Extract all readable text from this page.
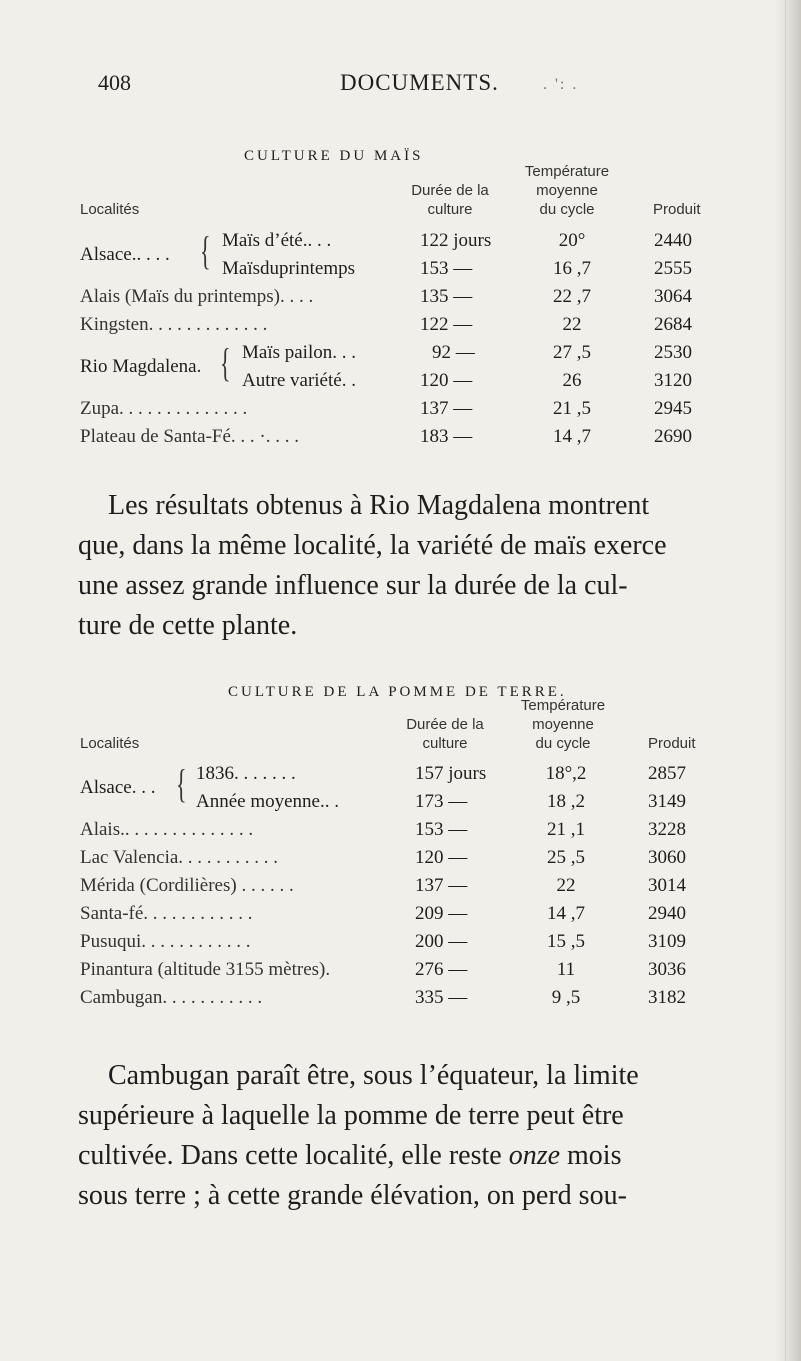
408	DOCUMENTS.	. ': .
CULTURE DU MAÏS
Localités
Durée de la
culture
Température
moyenne
du cycle	Produit
Alsace.. . . . { Maïs d’été.. . .	122 jours	20°	2440
Maïsduprintemps	153 —	16 ,7	2555
Alais (Maïs du printemps). . . .	135 —	22 ,7	3064
Kingsten. . . . . . . . . . . . .	122 —	22	2684
Rio Magdalena. { Maïs pailon. . .	92 —	27 ,5	2530
Autre variété. .	120 —	26	3120
Zupa. . . . . . . . . . . . . .	137 —	21 ,5	2945
Plateau de Santa-Fé. . . ·. . . .	183 —	14 ,7	2690
Les résultats obtenus à Rio Magdalena montrent
que, dans la même localité, la variété de maïs exerce
une assez grande influence sur la durée de la cul-
ture de cette plante.
CULTURE DE LA POMME DE TERRE.
Localités
Durée de la
culture
Température
moyenne
du cycle	Produit
Alsace. . . { 1836. . . . . . .	157 jours	18°,2	2857
Année moyenne.. .	173 —	18 ,2	3149
Alais.. . . . . . . . . . . . . .	153 —	21 ,1	3228
Lac Valencia. . . . . . . . . . .	120 —	25 ,5	3060
Mérida (Cordilières) . . . . . .	137 —	22	3014
Santa-fé. . . . . . . . . . . .	209 —	14 ,7	2940
Pusuqui. . . . . . . . . . . .	200 —	15 ,5	3109
Pinantura (altitude 3155 mètres).	276 —	11	3036
Cambugan. . . . . . . . . . .	335 —	9 ,5	3182
Cambugan paraît être, sous l’équateur, la limite
supérieure à laquelle la pomme de terre peut être
cultivée. Dans cette localité, elle reste onze mois
sous terre ; à cette grande élévation, on perd sou-
